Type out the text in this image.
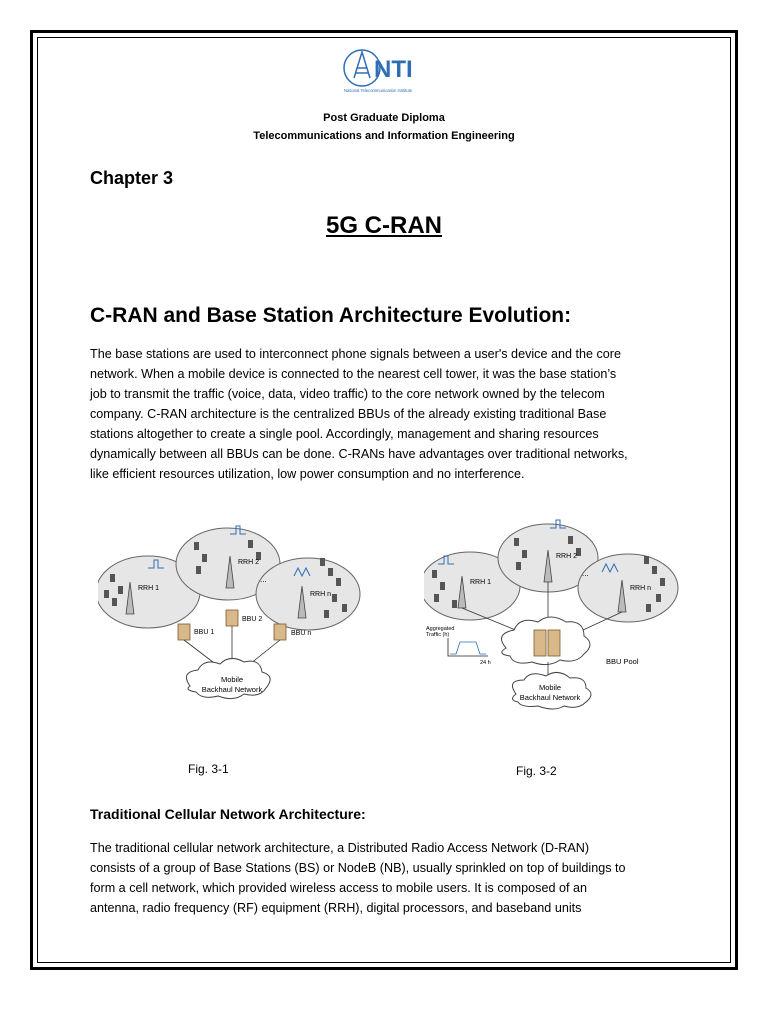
NTI
National Telecommunication Institute
Post Graduate Diploma
Telecommunications and Information Engineering
Chapter 3
5G C-RAN
C-RAN and Base Station Architecture Evolution:
The base stations are used to interconnect phone signals between a user's device and the core
network. When a mobile device is connected to the nearest cell tower, it was the base station’s
job to transmit the traffic (voice, data, video traffic) to the core network owned by the telecom
company. C-RAN architecture is the centralized BBUs of the already existing traditional Base
stations altogether to create a single pool. Accordingly, management and sharing resources
dynamically between all BBUs can be done. C-RANs have advantages over traditional networks,
like efficient resources utilization, low power consumption and no interference.
RRH 1
RRH 2
RRH n
...
BBU 1
BBU 2
BBU n
Mobile
Backhaul Network
RRH 1
RRH 2
RRH n
...
BBU Pool
Aggregated
Traffic (h)
24 h
Mobile
Backhaul Network
Fig. 3-1	Fig. 3-2
Traditional Cellular Network Architecture:
The traditional cellular network architecture, a Distributed Radio Access Network (D-RAN)
consists of a group of Base Stations (BS) or NodeB (NB), usually sprinkled on top of buildings to
form a cell network, which provided wireless access to mobile users. It is composed of an
antenna, radio frequency (RF) equipment (RRH), digital processors, and baseband units
